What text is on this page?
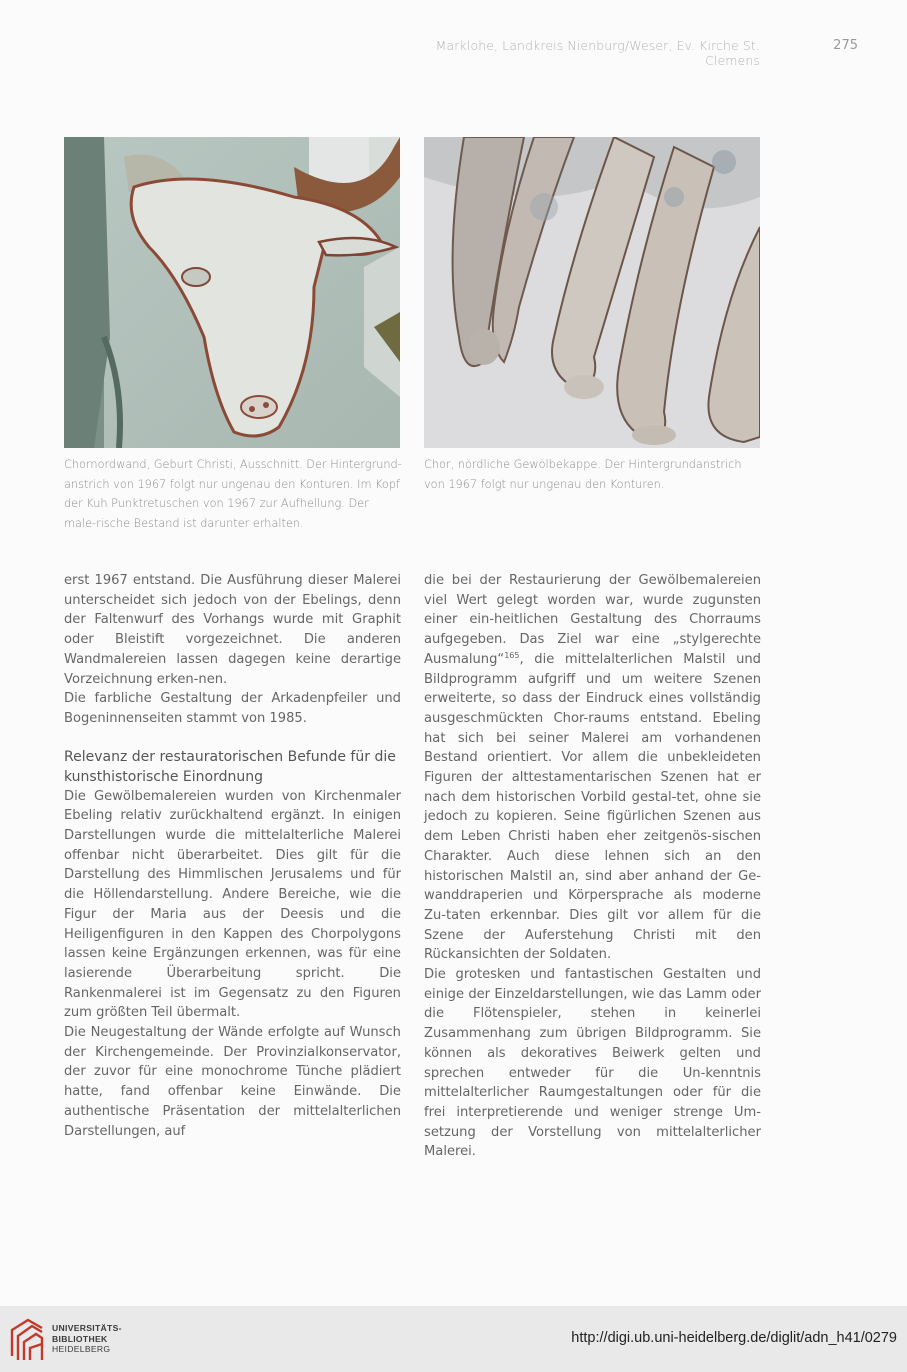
Marklohe, Landkreis Nienburg/Weser, Ev. Kirche St. Clemens
275
Chornordwand, Geburt Christi, Ausschnitt. Der Hintergrund-anstrich von 1967 folgt nur ungenau den Konturen. Im Kopf der Kuh Punktretuschen von 1967 zur Aufhellung. Der male-rische Bestand ist darunter erhalten.
Chor, nördliche Gewölbekappe. Der Hintergrundanstrich von 1967 folgt nur ungenau den Konturen.

erst 1967 entstand. Die Ausführung dieser Malerei unterscheidet sich jedoch von der Ebelings, denn der Faltenwurf des Vorhangs wurde mit Graphit oder Bleistift vorgezeichnet. Die anderen Wandmalereien lassen dagegen keine derartige Vorzeichnung erken-nen.

Die farbliche Gestaltung der Arkadenpfeiler und Bogeninnenseiten stammt von 1985.

Relevanz der restauratorischen Befunde für die kunsthistorische Einordnung

Die Gewölbemalereien wurden von Kirchenmaler Ebeling relativ zurückhaltend ergänzt. In einigen Darstellungen wurde die mittelalterliche Malerei offenbar nicht überarbeitet. Dies gilt für die Darstellung des Himmlischen Jerusalems und für die Höllendarstellung. Andere Bereiche, wie die Figur der Maria aus der Deesis und die Heiligenfiguren in den Kappen des Chorpolygons lassen keine Ergänzungen erkennen, was für eine lasierende Überarbeitung spricht. Die Rankenmalerei ist im Gegensatz zu den Figuren zum größten Teil übermalt.

Die Neugestaltung der Wände erfolgte auf Wunsch der Kirchengemeinde. Der Provinzialkonservator, der zuvor für eine monochrome Tünche plädiert hatte, fand offenbar keine Einwände. Die authentische Präsentation der mittelalterlichen Darstellungen, auf

die bei der Restaurierung der Gewölbemalereien viel Wert gelegt worden war, wurde zugunsten einer ein-heitlichen Gestaltung des Chorraums aufgegeben. Das Ziel war eine „stylgerechte Ausmalung“$^{165}$, die mittelalterlichen Malstil und Bildprogramm aufgriff und um weitere Szenen erweiterte, so dass der Eindruck eines vollständig ausgeschmückten Chor-raums entstand. Ebeling hat sich bei seiner Malerei am vorhandenen Bestand orientiert. Vor allem die unbekleideten Figuren der alttestamentarischen Szenen hat er nach dem historischen Vorbild gestal-tet, ohne sie jedoch zu kopieren. Seine figürlichen Szenen aus dem Leben Christi haben eher zeitgenös-sischen Charakter. Auch diese lehnen sich an den historischen Malstil an, sind aber anhand der Ge-wanddraperien und Körpersprache als moderne Zu-taten erkennbar. Dies gilt vor allem für die Szene der Auferstehung Christi mit den Rückansichten der Soldaten.

Die grotesken und fantastischen Gestalten und einige der Einzeldarstellungen, wie das Lamm oder die Flötenspieler, stehen in keinerlei Zusammenhang zum übrigen Bildprogramm. Sie können als dekoratives Beiwerk gelten und sprechen entweder für die Un-kenntnis mittelalterlicher Raumgestaltungen oder für die frei interpretierende und weniger strenge Um-setzung der Vorstellung von mittelalterlicher Malerei.

UNIVERSITÄTS-
BIBLIOTHEK
HEIDELBERG
http://digi.ub.uni-heidelberg.de/diglit/adn_h41/0279
